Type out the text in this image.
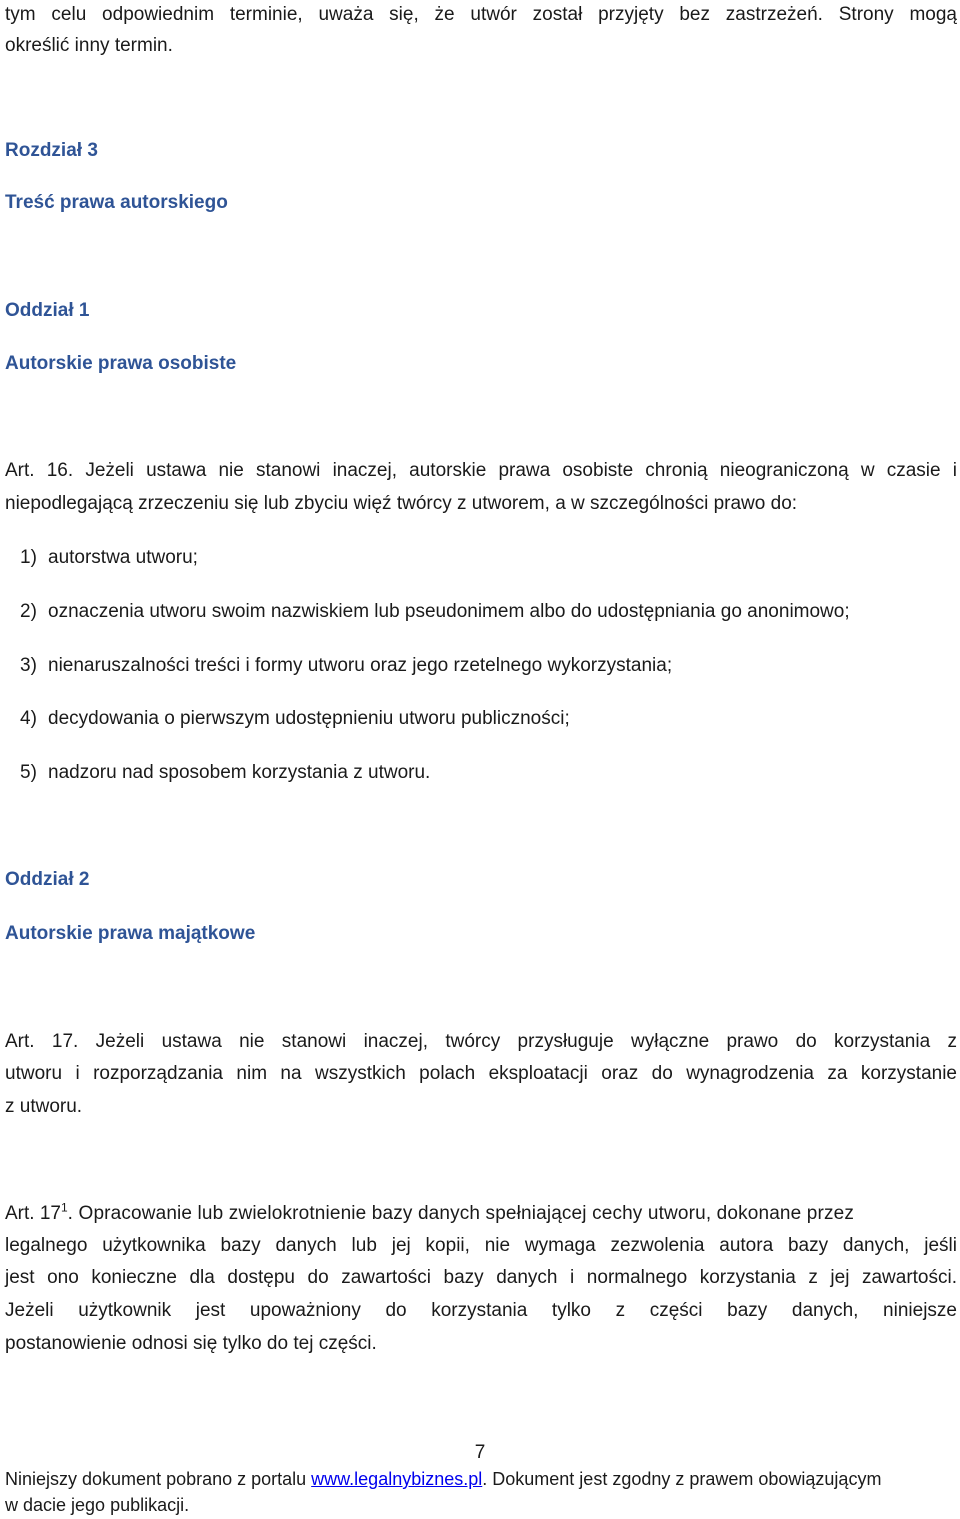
tym celu odpowiednim terminie, uważa się, że utwór został przyjęty bez zastrzeżeń. Strony mogą
określić inny termin.
Rozdział 3
Treść prawa autorskiego
Oddział 1
Autorskie prawa osobiste
Art. 16. Jeżeli ustawa nie stanowi inaczej, autorskie prawa osobiste chronią nieograniczoną w czasie i
niepodlegającą zrzeczeniu się lub zbyciu więź twórcy z utworem, a w szczególności prawo do:
1) autorstwa utworu;
2) oznaczenia utworu swoim nazwiskiem lub pseudonimem albo do udostępniania go anonimowo;
3) nienaruszalności treści i formy utworu oraz jego rzetelnego wykorzystania;
4) decydowania o pierwszym udostępnieniu utworu publiczności;
5) nadzoru nad sposobem korzystania z utworu.
Oddział 2
Autorskie prawa majątkowe
Art. 17. Jeżeli ustawa nie stanowi inaczej, twórcy przysługuje wyłączne prawo do korzystania z
utworu i rozporządzania nim na wszystkich polach eksploatacji oraz do wynagrodzenia za korzystanie
z utworu.
Art. $17^1$. Opracowanie lub zwielokrotnienie bazy danych spełniającej cechy utworu, dokonane przez
legalnego użytkownika bazy danych lub jej kopii, nie wymaga zezwolenia autora bazy danych, jeśli
jest ono konieczne dla dostępu do zawartości bazy danych i normalnego korzystania z jej zawartości.
Jeżeli użytkownik jest upoważniony do korzystania tylko z części bazy danych, niniejsze
postanowienie odnosi się tylko do tej części.
Niniejszy dokument pobrano z portalu www.legalnybiznes.pl. Dokument jest zgodny z prawem obowiązującym
w dacie jego publikacji.
7
